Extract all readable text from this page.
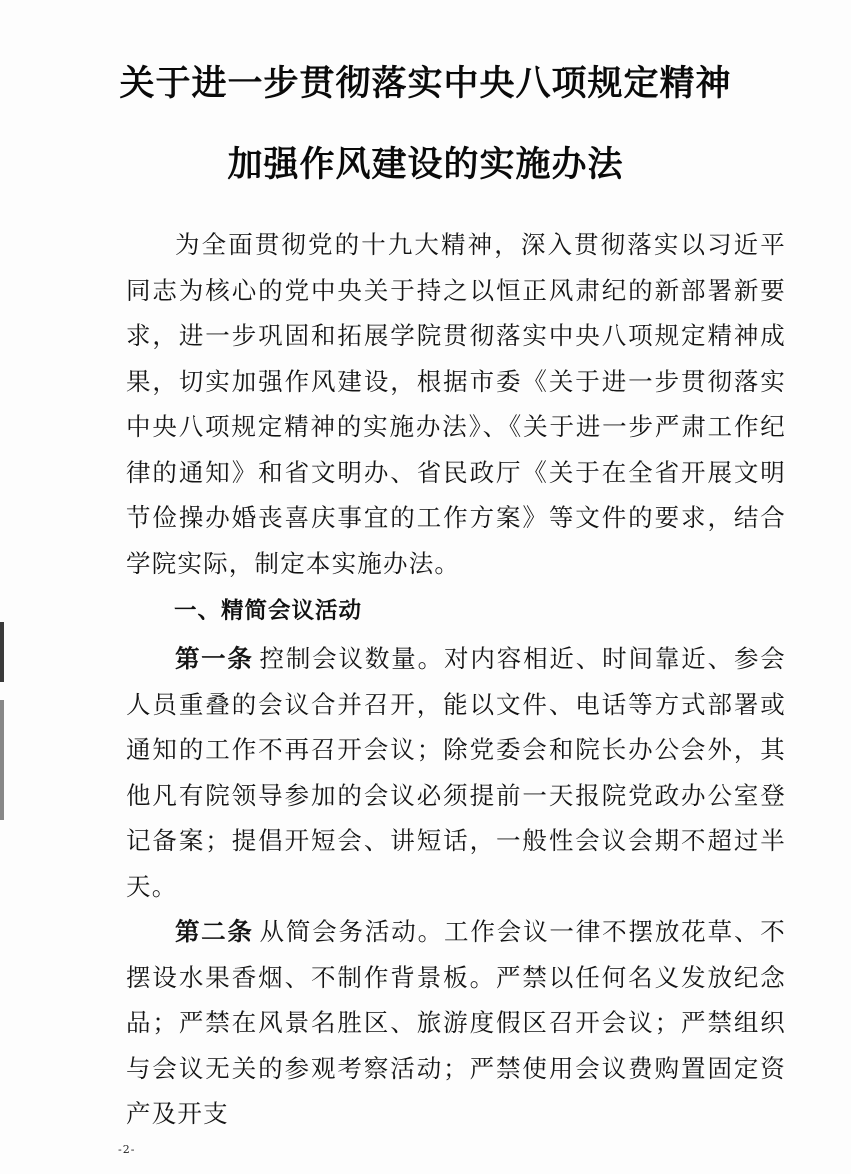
关于进一步贯彻落实中央八项规定精神
加强作风建设的实施办法

为全面贯彻党的十九大精神，深入贯彻落实以习近平同志为核心的党中央关于持之以恒正风肃纪的新部署新要求，进一步巩固和拓展学院贯彻落实中央八项规定精神成果，切实加强作风建设，根据市委《关于进一步贯彻落实中央八项规定精神的实施办法》、《关于进一步严肃工作纪律的通知》和省文明办、省民政厅《关于在全省开展文明节俭操办婚丧喜庆事宜的工作方案》等文件的要求，结合学院实际，制定本实施办法。

一、精简会议活动

第一条 控制会议数量。对内容相近、时间靠近、参会人员重叠的会议合并召开，能以文件、电话等方式部署或通知的工作不再召开会议；除党委会和院长办公会外，其他凡有院领导参加的会议必须提前一天报院党政办公室登记备案；提倡开短会、讲短话，一般性会议会期不超过半天。

第二条 从简会务活动。工作会议一律不摆放花草、不摆设水果香烟、不制作背景板。严禁以任何名义发放纪念品；严禁在风景名胜区、旅游度假区召开会议；严禁组织与会议无关的参观考察活动；严禁使用会议费购置固定资产及开支

-2-
